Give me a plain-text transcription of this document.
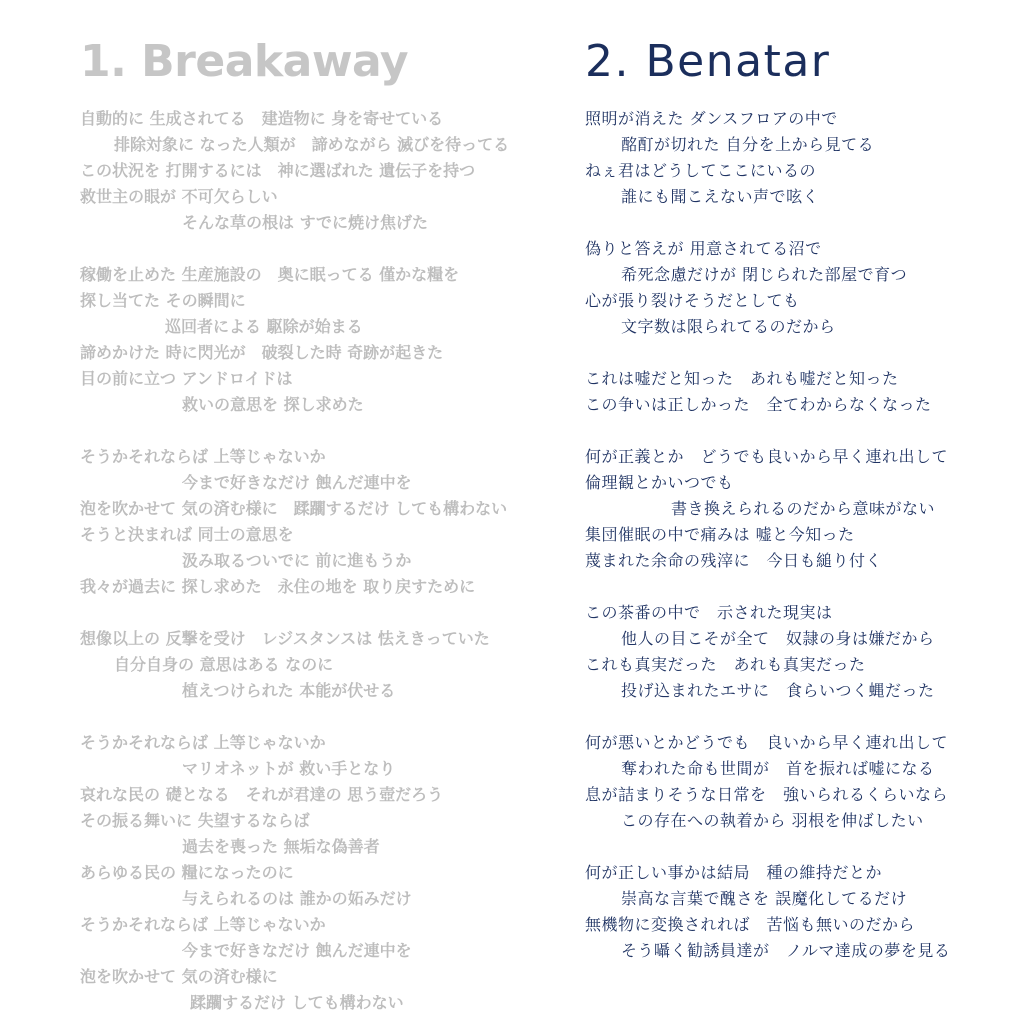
1. Breakaway
自動的に 生成されてる　建造物に 身を寄せている
排除対象に なった人類が　諦めながら 滅びを待ってる
この状況を 打開するには　神に選ばれた 遺伝子を持つ
救世主の眼が 不可欠らしい
そんな草の根は すでに焼け焦げた
稼働を止めた 生産施設の　奥に眠ってる 僅かな糧を
探し当てた その瞬間に
巡回者による 駆除が始まる
諦めかけた 時に閃光が　破裂した時 奇跡が起きた
目の前に立つ アンドロイドは
救いの意思を 探し求めた
そうかそれならば 上等じゃないか
今まで好きなだけ 蝕んだ連中を
泡を吹かせて 気の済む様に　蹂躙するだけ しても構わない
そうと決まれば 同士の意思を
汲み取るついでに 前に進もうか
我々が過去に 探し求めた　永住の地を 取り戻すために
想像以上の 反撃を受け　レジスタンスは 怯えきっていた
自分自身の 意思はある なのに
植えつけられた 本能が伏せる
そうかそれならば 上等じゃないか
マリオネットが 救い手となり
哀れな民の 礎となる　それが君達の 思う壺だろう
その振る舞いに 失望するならば
過去を喪った 無垢な偽善者
あらゆる民の 糧になったのに
与えられるのは 誰かの妬みだけ
そうかそれならば 上等じゃないか
今まで好きなだけ 蝕んだ連中を
泡を吹かせて 気の済む様に
蹂躙するだけ しても構わない
2. Benatar
照明が消えた ダンスフロアの中で
酩酊が切れた 自分を上から見てる
ねぇ君はどうしてここにいるの
誰にも聞こえない声で呟く
偽りと答えが 用意されてる沼で
希死念慮だけが 閉じられた部屋で育つ
心が張り裂けそうだとしても
文字数は限られてるのだから
これは嘘だと知った　あれも嘘だと知った
この争いは正しかった　全てわからなくなった
何が正義とか　どうでも良いから早く連れ出して
倫理観とかいつでも
書き換えられるのだから意味がない
集団催眠の中で痛みは 嘘と今知った
蔑まれた余命の残滓に　今日も縋り付く
この茶番の中で　示された現実は
他人の目こそが全て　奴隷の身は嫌だから
これも真実だった　あれも真実だった
投げ込まれたエサに　食らいつく蝿だった
何が悪いとかどうでも　良いから早く連れ出して
奪われた命も世間が　首を振れば嘘になる
息が詰まりそうな日常を　強いられるくらいなら
この存在への執着から 羽根を伸ばしたい
何が正しい事かは結局　種の維持だとか
崇高な言葉で醜さを 誤魔化してるだけ
無機物に変換されれば　苦悩も無いのだから
そう囁く勧誘員達が　ノルマ達成の夢を見る
